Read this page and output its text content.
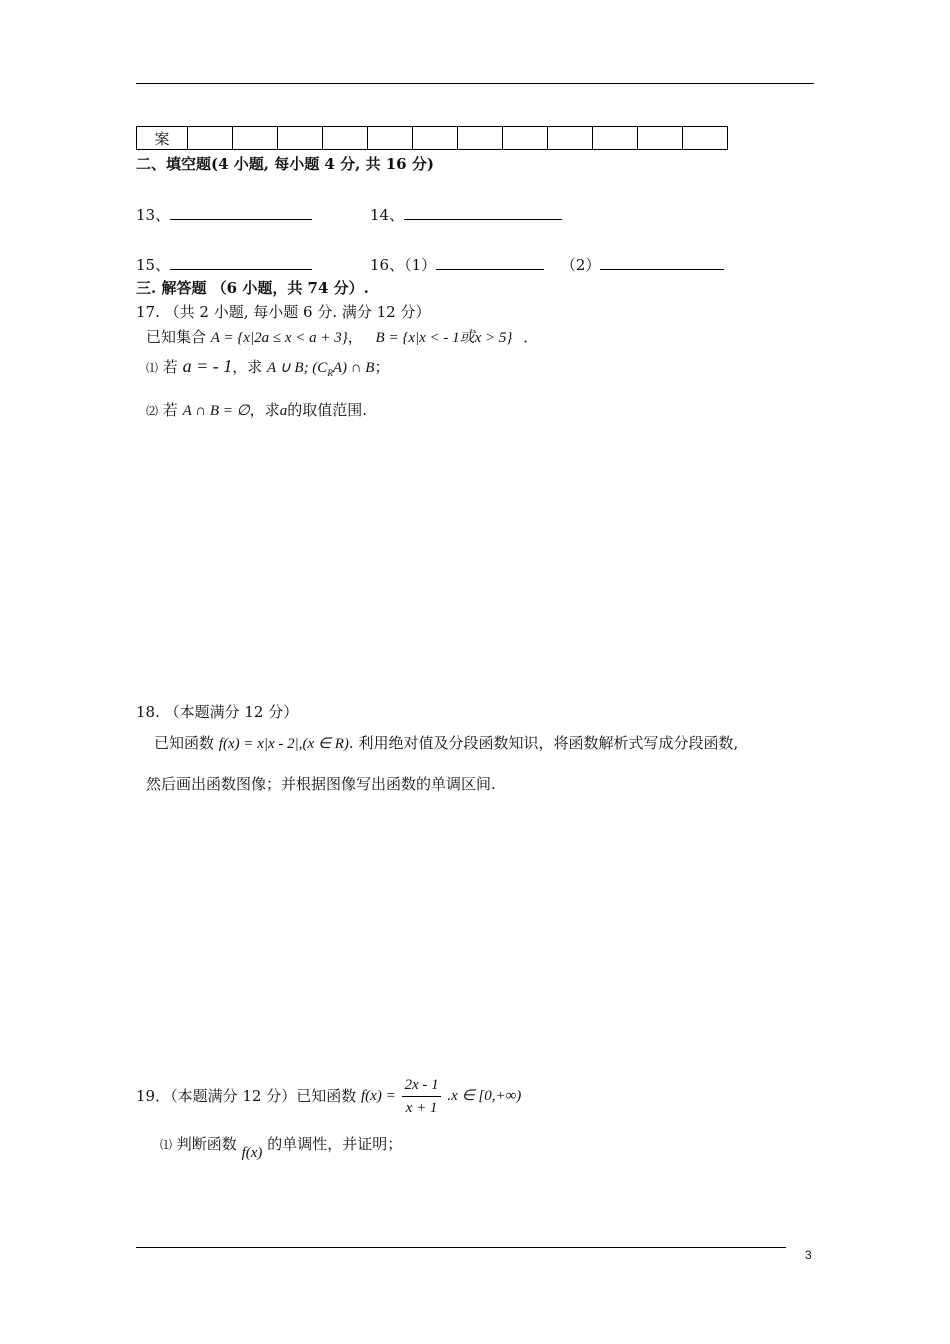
案												
二、填空题(4 小题, 每小题 4 分, 共 16 分)
13、	14、
15、	16、（1）	（2）
三. 解答题 （6 小题，共 74 分）.
17. （共 2 小题, 每小题 6 分. 满分 12 分）
已知集合 A = {x|2a ≤ x < a + 3}， B = {x|x < - 1或x > 5} ．
⑴ 若 a = - 1，求 A ∪ B; $(C_RA)$ ∩ B；
⑵ 若 A ∩ B = ∅，求a的取值范围.
18. （本题满分 12 分）
已知函数 f(x) = x|x - 2|,(x ∈ R). 利用绝对值及分段函数知识，将函数解析式写成分段函数,
然后画出函数图像；并根据图像写出函数的单调区间.
19．（本题满分 12 分）已知函数 $f(x) = \frac{2x - 1}{x + 1} .x$ ∈ [0,+∞)
⑴ 判断函数 f(x) 的单调性，并证明；
3
